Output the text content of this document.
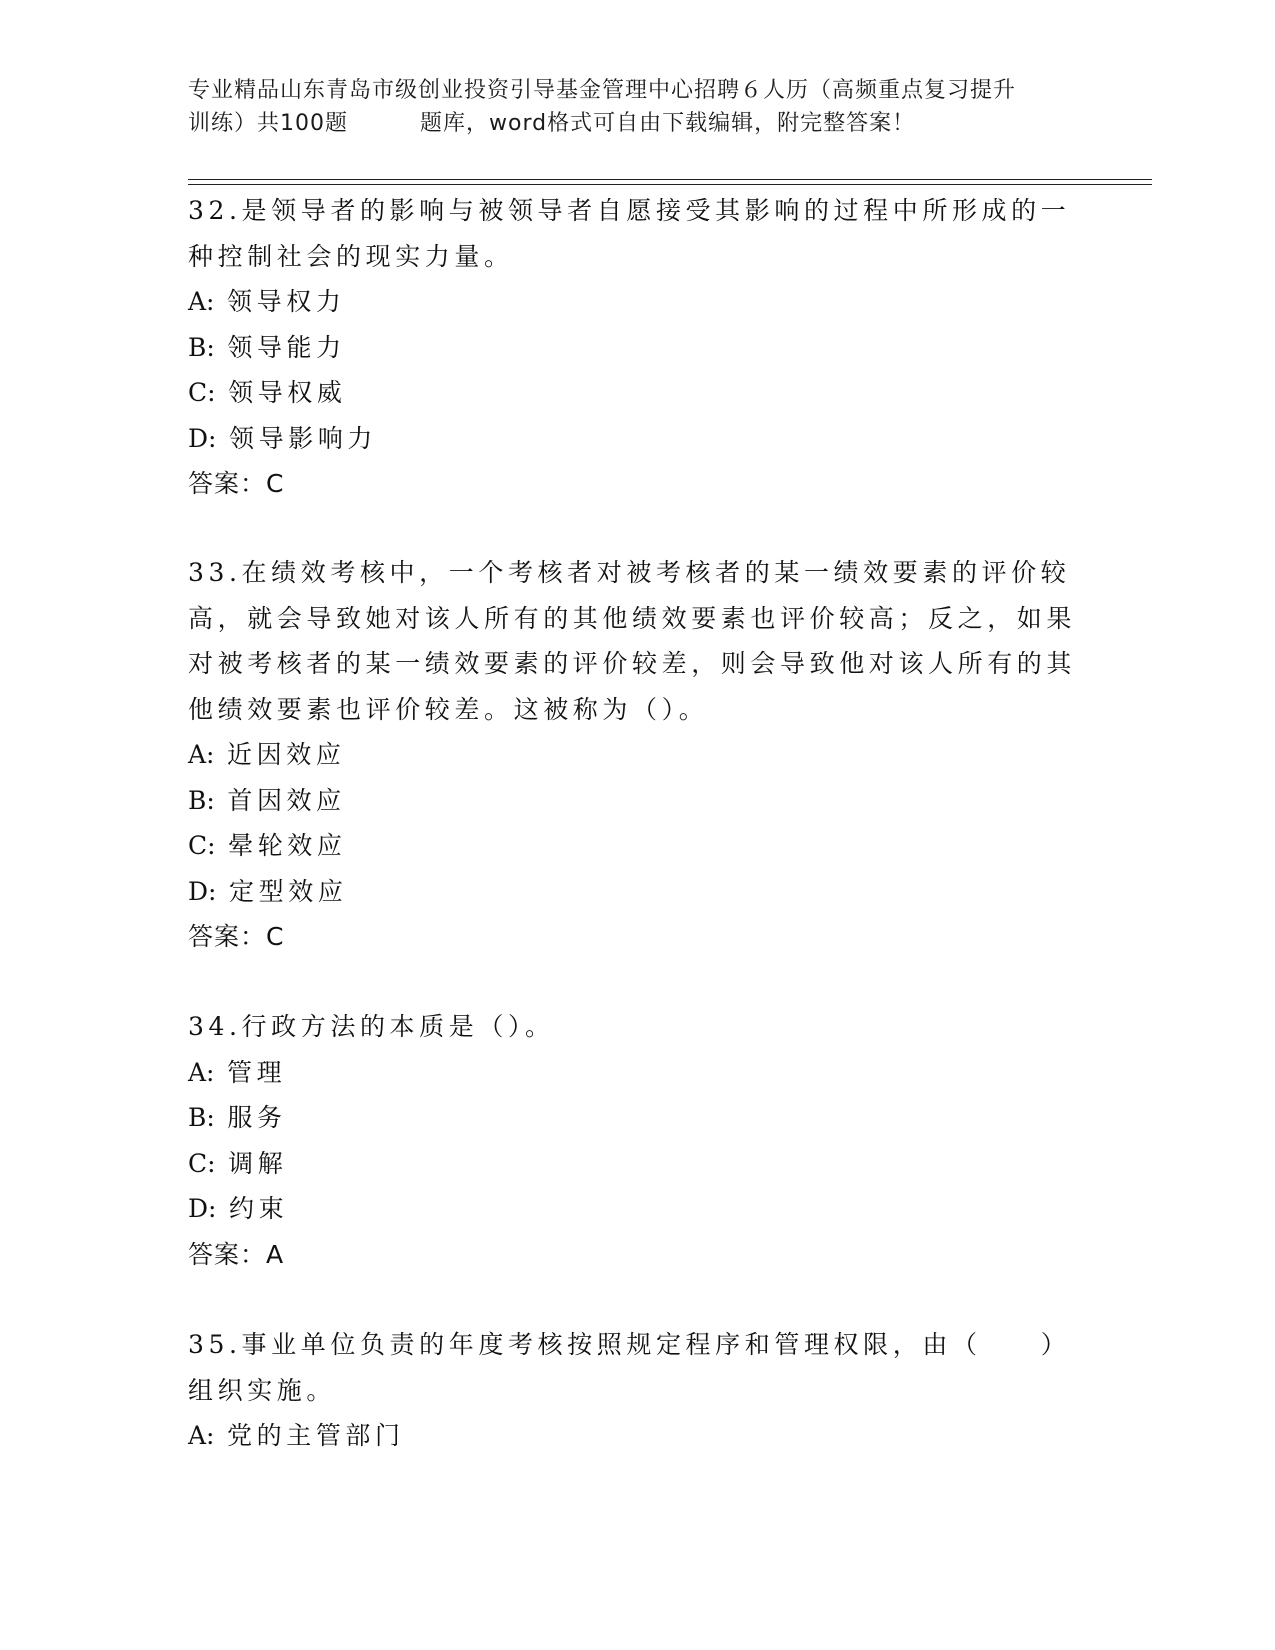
专业精品山东青岛市级创业投资引导基金管理中心招聘６人历（高频重点复习提升
训练）共100题	题库，word格式可自由下载编辑，附完整答案！

32.是领导者的影响与被领导者自愿接受其影响的过程中所形成的一种控制社会的现实力量。

A: 领导权力
B: 领导能力
C: 领导权威
D: 领导影响力
答案：C

33.在绩效考核中，一个考核者对被考核者的某一绩效要素的评价较高，就会导致她对该人所有的其他绩效要素也评价较高；反之，如果对被考核者的某一绩效要素的评价较差，则会导致他对该人所有的其他绩效要素也评价较差。这被称为（）。

A: 近因效应
B: 首因效应
C: 晕轮效应
D: 定型效应
答案：C

34.行政方法的本质是（）。

A: 管理
B: 服务
C: 调解
D: 约束
答案：A

35.事业单位负责的年度考核按照规定程序和管理权限，由（　　）组织实施。

A: 党的主管部门
